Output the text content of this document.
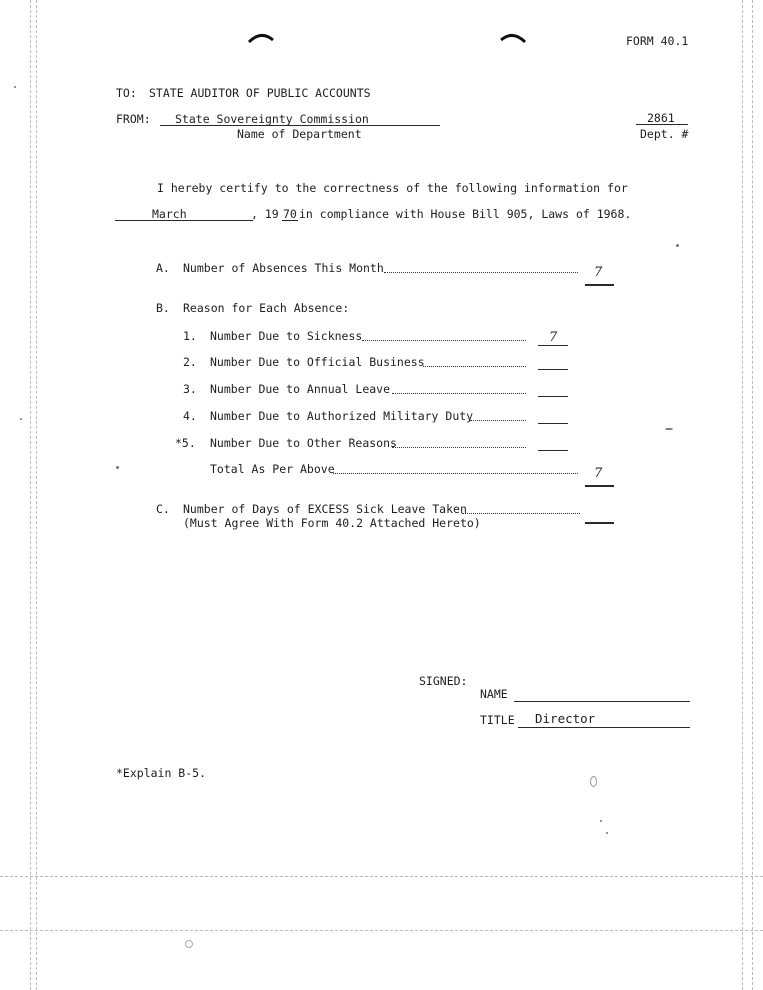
FORM 40.1
TO: STATE AUDITOR OF PUBLIC ACCOUNTS
FROM: State Sovereignty Commission
Name of Department
2861
Dept. #
I hereby certify to the correctness of the following information for
March	, 19 70 in compliance with House Bill 905, Laws of 1968.
A. Number of Absences This Month	7
B. Reason for Each Absence:
1. Number Due to Sickness	7
2. Number Due to Official Business
3. Number Due to Annual Leave
4. Number Due to Authorized Military Duty
*5. Number Due to Other Reasons
Total As Per Above	7
C. Number of Days of EXCESS Sick Leave Taken
(Must Agree With Form 40.2 Attached Hereto)
SIGNED:
NAME
TITLE Director
*Explain B-5.
